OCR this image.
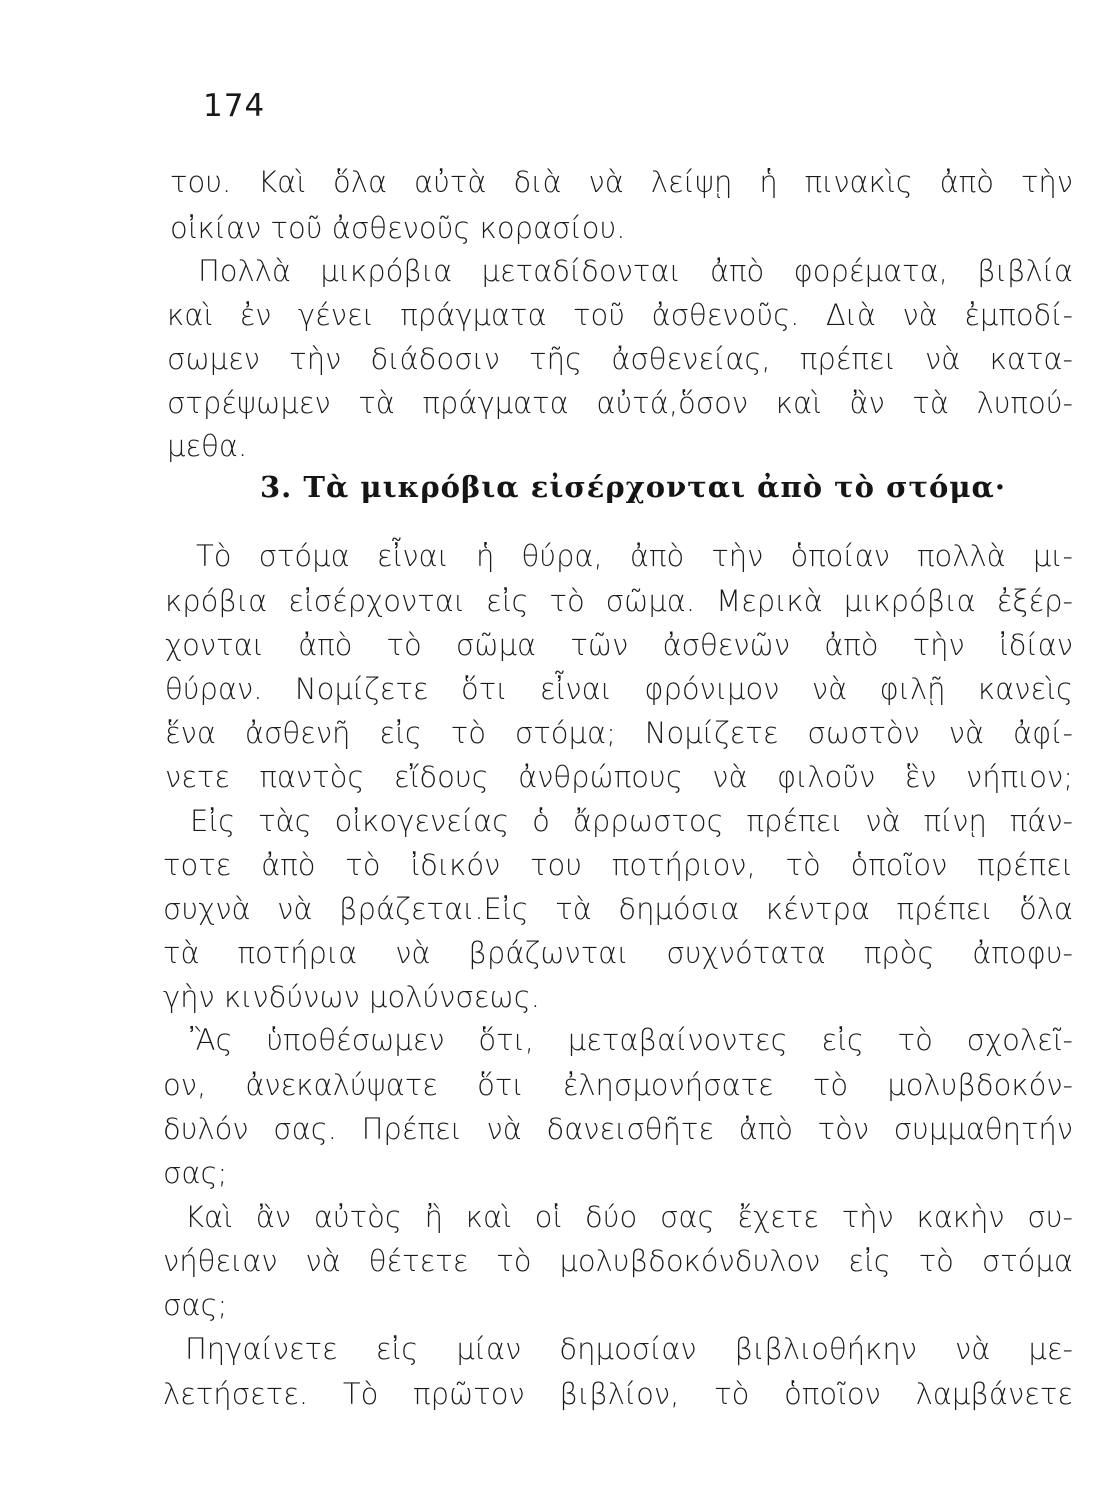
174
του. Καὶ ὅλα αὐτὰ διὰ νὰ λείψῃ ἡ πινακὶς ἀπὸ τὴν
οἰκίαν τοῦ ἀσθενοῦς κορασίου.
Πολλὰ μικρόβια μεταδίδονται ἀπὸ φορέματα, βιβλία
καὶ ἐν γένει πράγματα τοῦ ἀσθενοῦς. Διὰ νὰ ἐμποδί-
σωμεν τὴν διάδοσιν τῆς ἀσθενείας, πρέπει νὰ κατα-
στρέψωμεν τὰ πράγματα αὐτά,ὅσον καὶ ἂν τὰ λυπού-
μεθα.
3. Τὰ μικρόβια εἰσέρχονται ἀπὸ τὸ στόμα·
Τὸ στόμα εἶναι ἡ θύρα, ἀπὸ τὴν ὁποίαν πολλὰ μι-
κρόβια εἰσέρχονται εἰς τὸ σῶμα. Μερικὰ μικρόβια ἐξέρ-
χονται ἀπὸ τὸ σῶμα τῶν ἀσθενῶν ἀπὸ τὴν ἰδίαν
θύραν. Νομίζετε ὅτι εἶναι φρόνιμον νὰ φιλῇ κανεὶς
ἕνα ἀσθενῆ εἰς τὸ στόμα; Νομίζετε σωστὸν νὰ ἀφί-
νετε παντὸς εἴδους ἀνθρώπους νὰ φιλοῦν ἓν νήπιον;
Εἰς τὰς οἰκογενείας ὁ ἄρρωστος πρέπει νὰ πίνῃ πάν-
τοτε ἀπὸ τὸ ἰδικόν του ποτήριον, τὸ ὁποῖον πρέπει
συχνὰ νὰ βράζεται.Εἰς τὰ δημόσια κέντρα πρέπει ὅλα
τὰ ποτήρια νὰ βράζωνται συχνότατα πρὸς ἀποφυ-
γὴν κινδύνων μολύνσεως.
Ἂς ὑποθέσωμεν ὅτι, μεταβαίνοντες εἰς τὸ σχολεῖ-
ον, ἀνεκαλύψατε ὅτι ἐλησμονήσατε τὸ μολυβδοκόν-
δυλόν σας. Πρέπει νὰ δανεισθῆτε ἀπὸ τὸν συμμαθητήν
σας;
Καὶ ἂν αὐτὸς ἢ καὶ οἱ δύο σας ἔχετε τὴν κακὴν συ-
νήθειαν νὰ θέτετε τὸ μολυβδοκόνδυλον εἰς τὸ στόμα
σας;
Πηγαίνετε εἰς μίαν δημοσίαν βιβλιοθήκην νὰ με-
λετήσετε. Τὸ πρῶτον βιβλίον, τὸ ὁποῖον λαμβάνετε
